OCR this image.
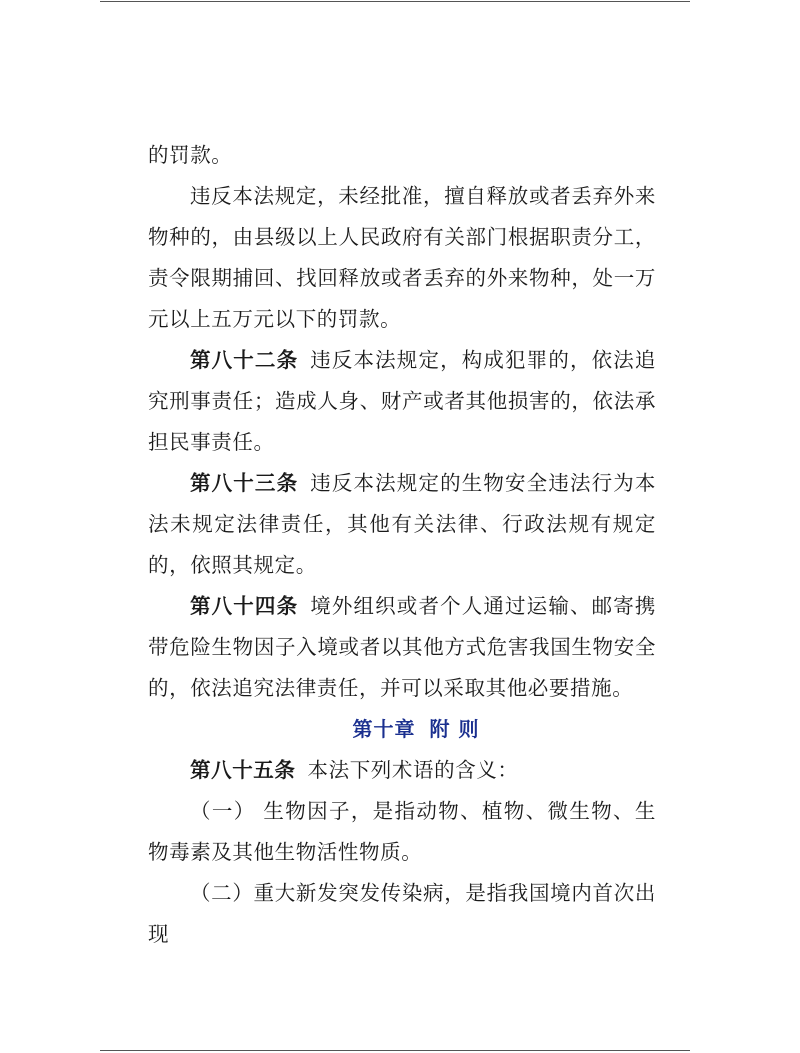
的罚款。

违反本法规定，未经批准，擅自释放或者丢弃外来物种的，由县级以上人民政府有关部门根据职责分工，责令限期捕回、找回释放或者丢弃的外来物种，处一万元以上五万元以下的罚款。

第八十二条 违反本法规定，构成犯罪的，依法追究刑事责任；造成人身、财产或者其他损害的，依法承担民事责任。

第八十三条 违反本法规定的生物安全违法行为本法未规定法律责任，其他有关法律、行政法规有规定的，依照其规定。

第八十四条 境外组织或者个人通过运输、邮寄携带危险生物因子入境或者以其他方式危害我国生物安全的，依法追究法律责任，并可以采取其他必要措施。

第十章 附 则

第八十五条 本法下列术语的含义：

（一） 生物因子，是指动物、植物、微生物、生物毒素及其他生物活性物质。

（二）重大新发突发传染病，是指我国境内首次出现
